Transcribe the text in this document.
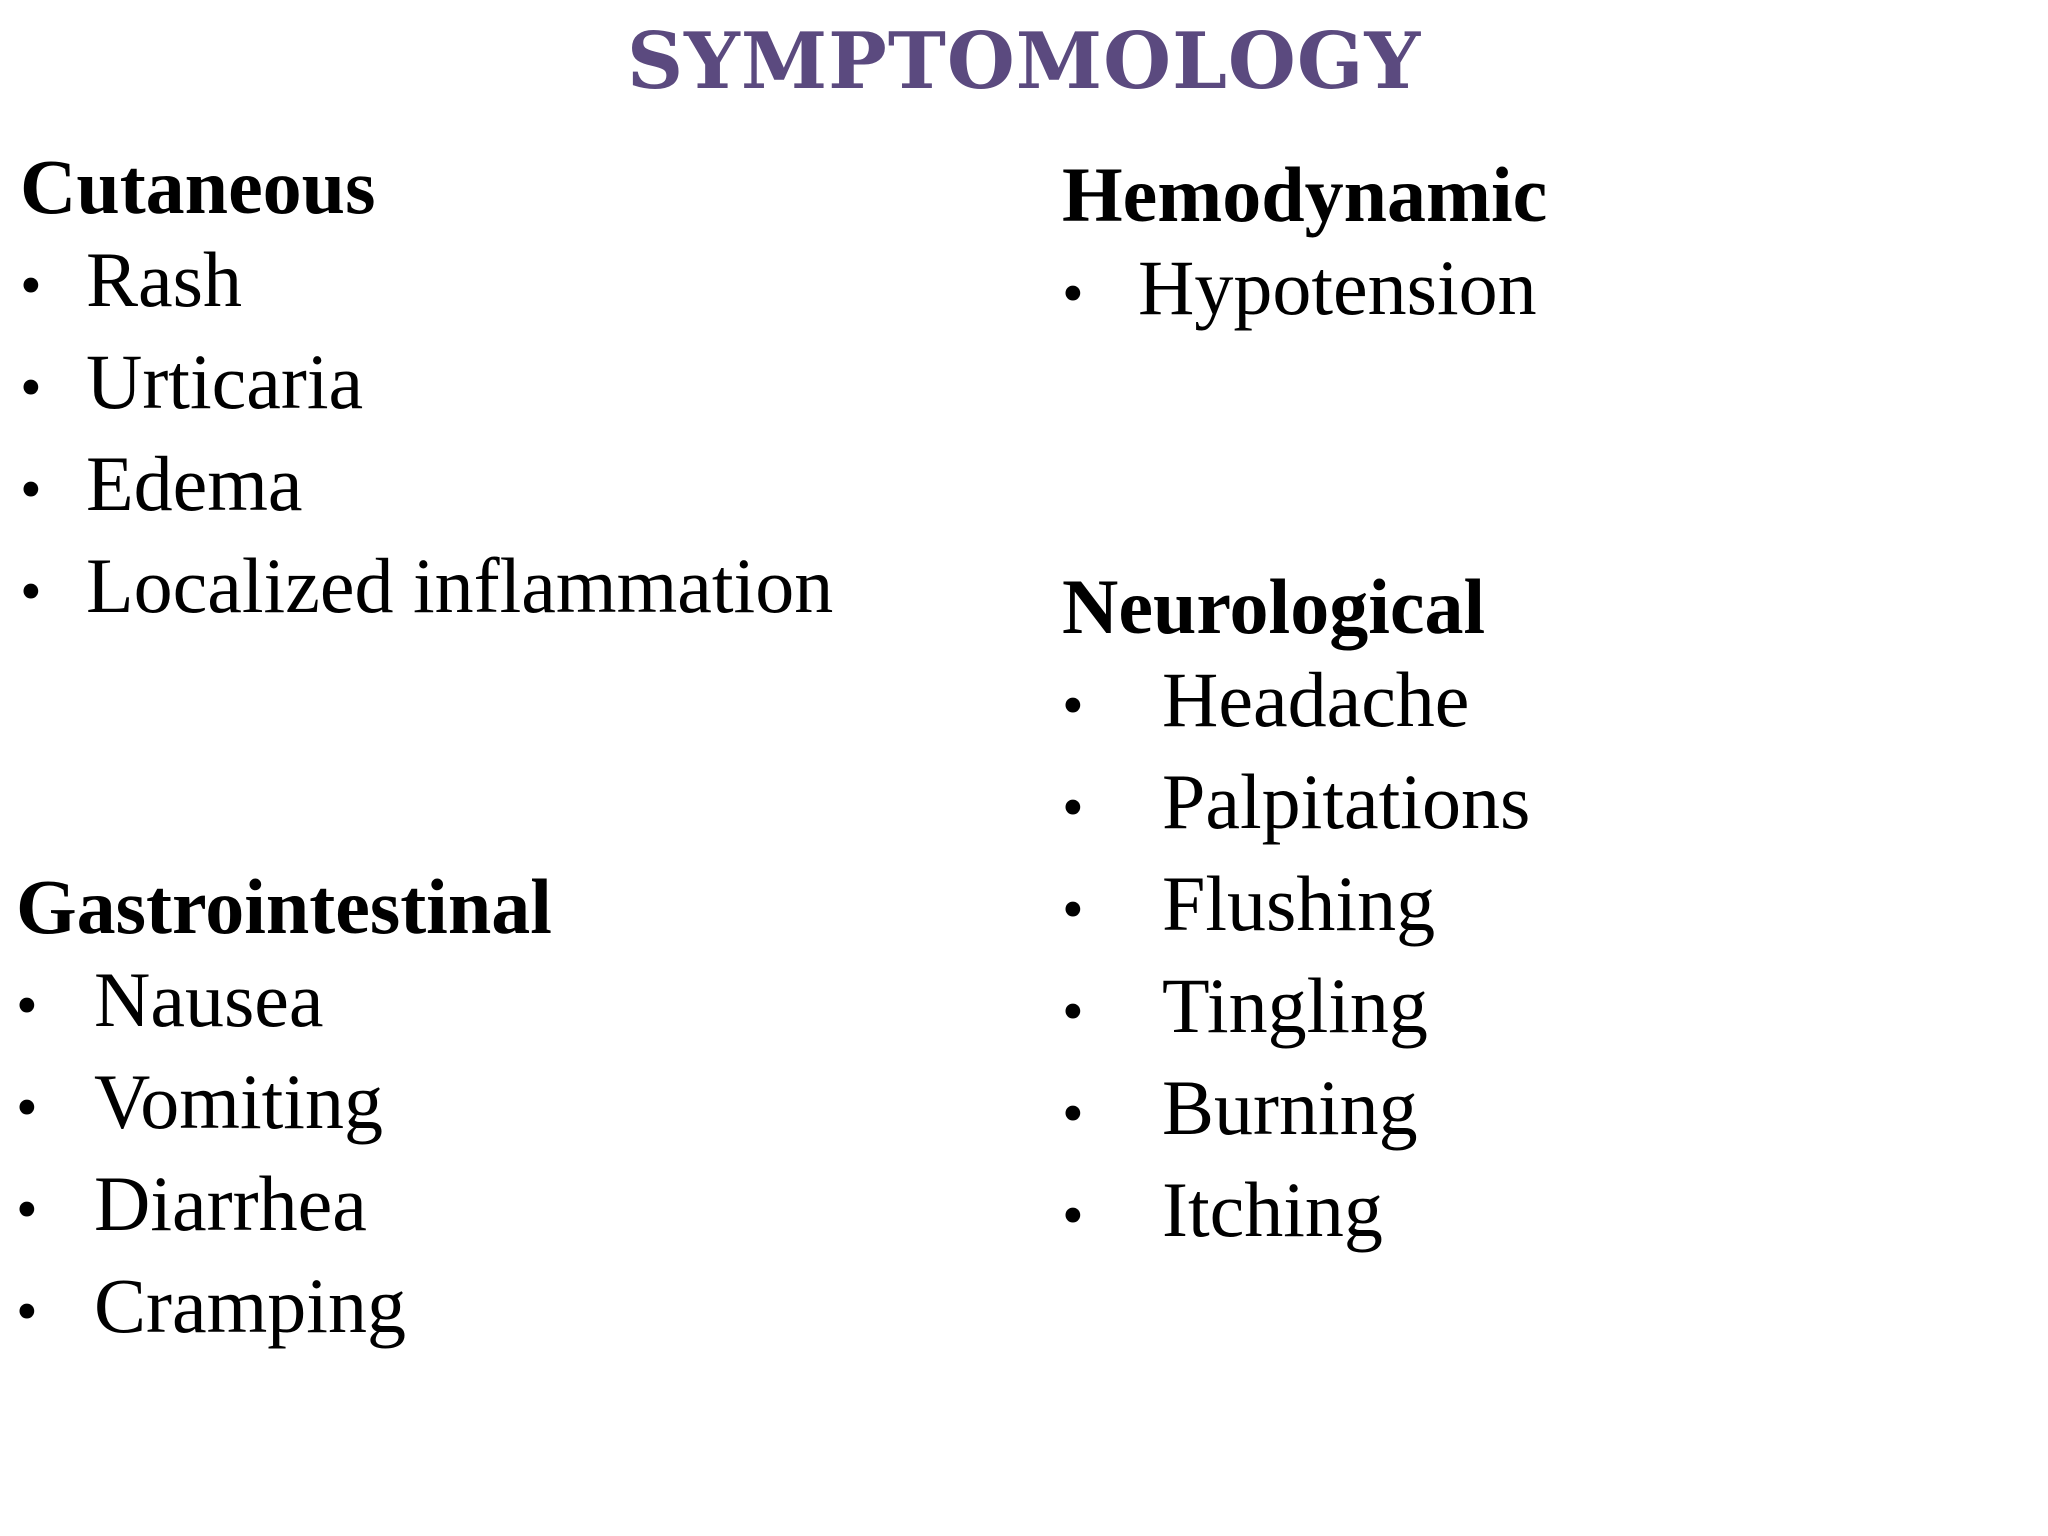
SYMPTOMOLOGY
Cutaneous
• Rash
• Urticaria
• Edema
• Localized inflammation
Hemodynamic
• Hypotension
Gastrointestinal
• Nausea
• Vomiting
• Diarrhea
• Cramping
Neurological
•	Headache
•	Palpitations
•	Flushing
•	Tingling
•	Burning
•	Itching
